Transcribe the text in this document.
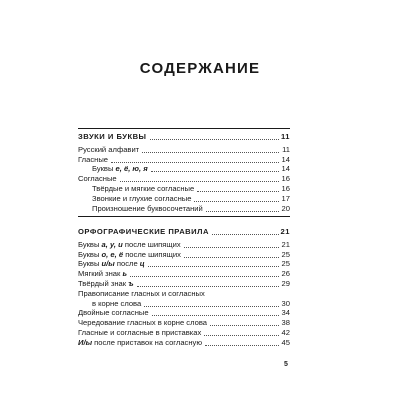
СОДЕРЖАНИЕ
ЗВУКИ И БУКВЫ	11
Русский алфавит	11
Гласные	14
Буквы е, ё, ю, я	14
Согласные	16
Твёрдые и мягкие согласные	16
Звонкие и глухие согласные	17
Произношение буквосочетаний	20
ОРФОГРАФИЧЕСКИЕ ПРАВИЛА	21
Буквы а, у, и после шипящих	21
Буквы о, е, ё после шипящих	25
Буквы и/ы после ц	25
Мягкий знак ь	26
Твёрдый знак ъ	29
Правописание гласных и согласных
в корне слова	30
Двойные согласные	34
Чередование гласных в корне слова	38
Гласные и согласные в приставках	42
И/ы после приставок на согласную	45
5
